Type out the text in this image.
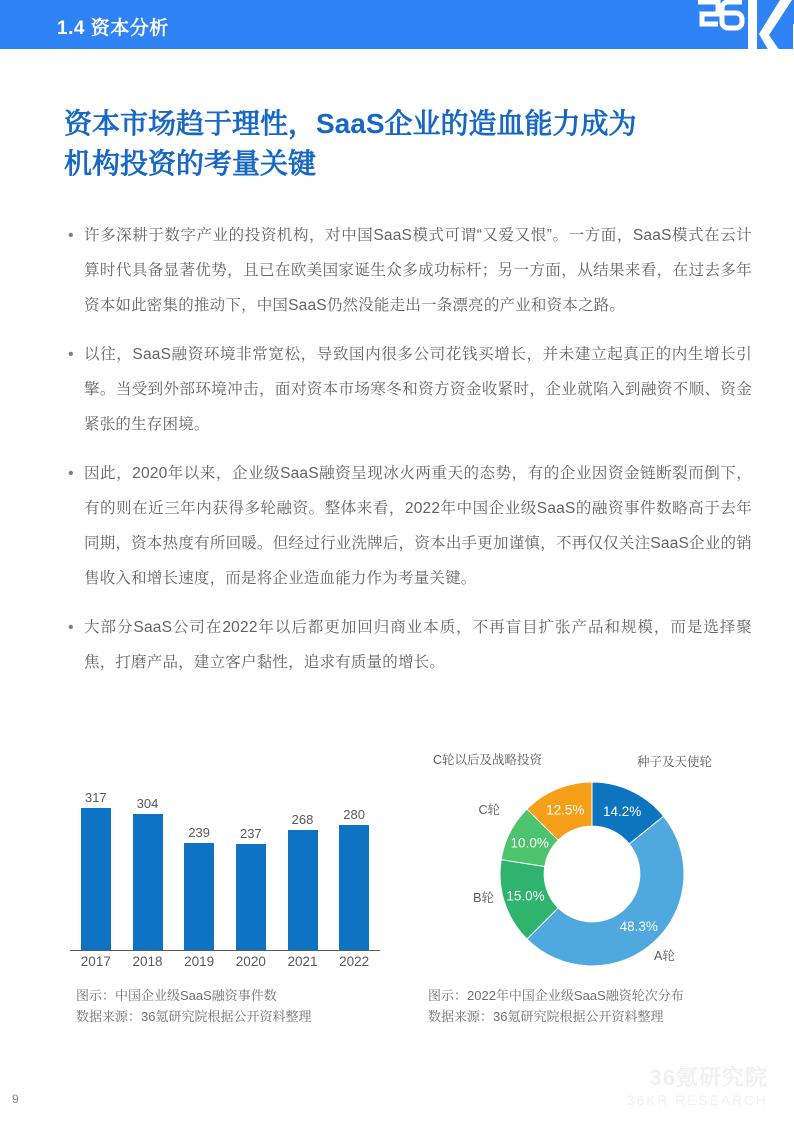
1.4 资本分析
资本市场趋于理性，SaaS企业的造血能力成为
机构投资的考量关键
• 许多深耕于数字产业的投资机构，对中国SaaS模式可谓“又爱又恨”。一方面，SaaS模式在云计算时代具备显著优势，且已在欧美国家诞生众多成功标杆；另一方面，从结果来看，在过去多年资本如此密集的推动下，中国SaaS仍然没能走出一条漂亮的产业和资本之路。
• 以往，SaaS融资环境非常宽松，导致国内很多公司花钱买增长，并未建立起真正的内生增长引擎。当受到外部环境冲击，面对资本市场寒冬和资方资金收紧时，企业就陷入到融资不顺、资金紧张的生存困境。
• 因此，2020年以来，企业级SaaS融资呈现冰火两重天的态势，有的企业因资金链断裂而倒下，有的则在近三年内获得多轮融资。整体来看，2022年中国企业级SaaS的融资事件数略高于去年同期，资本热度有所回暖。但经过行业洗牌后，资本出手更加谨慎，不再仅仅关注SaaS企业的销售收入和增长速度，而是将企业造血能力作为考量关键。
• 大部分SaaS公司在2022年以后都更加回归商业本质，不再盲目扩张产品和规模，而是选择聚焦，打磨产品，建立客户黏性，追求有质量的增长。
317 304
239 237
268 280
2017	2018	2019	2020	2021	2022
14.2%
种子及天使轮
48.3%
A轮
15.0%
B轮
10.0%
C轮	12.5%
C轮以后及战略投资
图示：中国企业级SaaS融资事件数
数据来源：36氪研究院根据公开资料整理
图示：2022年中国企业级SaaS融资轮次分布
数据来源：36氪研究院根据公开资料整理
9
36氪研究院
36KR RESEARCH
